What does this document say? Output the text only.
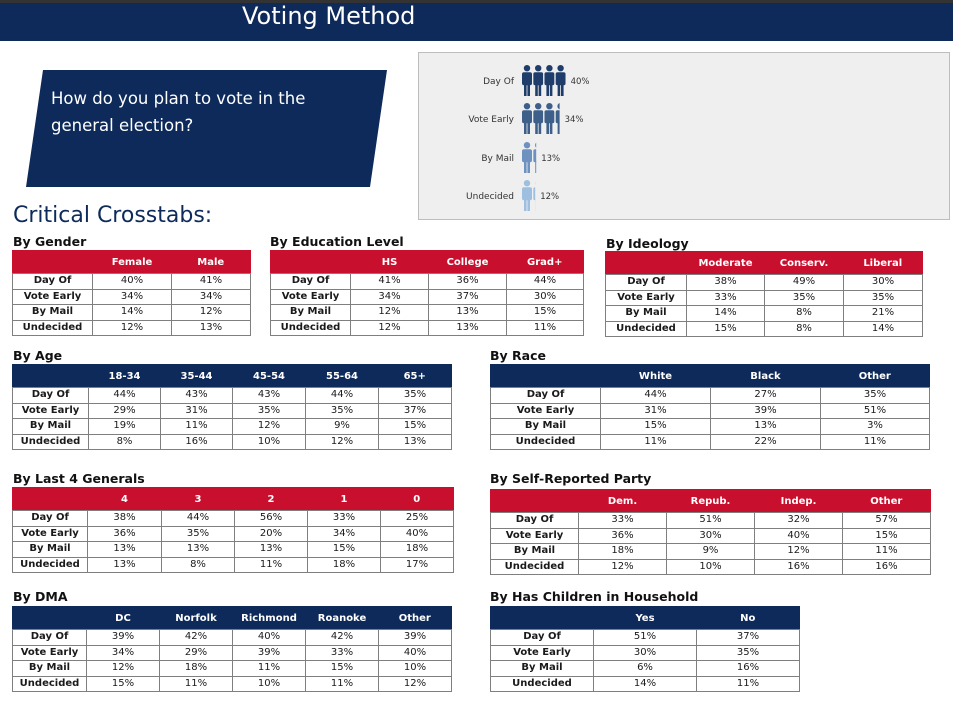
Voting Method
How do you plan to vote in the general election?
Day Of	40%
Vote Early	34%
By Mail	13%
Undecided	12%
Critical Crosstabs:
By Gender
	Female	Male
Day Of	40%	41%
Vote Early	34%	34%
By Mail	14%	12%
Undecided	12%	13%
By Education Level
	HS	College	Grad+
Day Of	41%	36%	44%
Vote Early	34%	37%	30%
By Mail	12%	13%	15%
Undecided	12%	13%	11%
By Ideology
	Moderate	Conserv.	Liberal
Day Of	38%	49%	30%
Vote Early	33%	35%	35%
By Mail	14%	8%	21%
Undecided	15%	8%	14%
By Age
	18-34	35-44	45-54	55-64	65+
Day Of	44%	43%	43%	44%	35%
Vote Early	29%	31%	35%	35%	37%
By Mail	19%	11%	12%	9%	15%
Undecided	8%	16%	10%	12%	13%
By Race
	White	Black	Other
Day Of	44%	27%	35%
Vote Early	31%	39%	51%
By Mail	15%	13%	3%
Undecided	11%	22%	11%
By Last 4 Generals
	4	3	2	1	0
Day Of	38%	44%	56%	33%	25%
Vote Early	36%	35%	20%	34%	40%
By Mail	13%	13%	13%	15%	18%
Undecided	13%	8%	11%	18%	17%
By Self-Reported Party
	Dem.	Repub.	Indep.	Other
Day Of	33%	51%	32%	57%
Vote Early	36%	30%	40%	15%
By Mail	18%	9%	12%	11%
Undecided	12%	10%	16%	16%
By DMA
	DC	Norfolk	Richmond	Roanoke	Other
Day Of	39%	42%	40%	42%	39%
Vote Early	34%	29%	39%	33%	40%
By Mail	12%	18%	11%	15%	10%
Undecided	15%	11%	10%	11%	12%
By Has Children in Household
	Yes	No
Day Of	51%	37%
Vote Early	30%	35%
By Mail	6%	16%
Undecided	14%	11%
